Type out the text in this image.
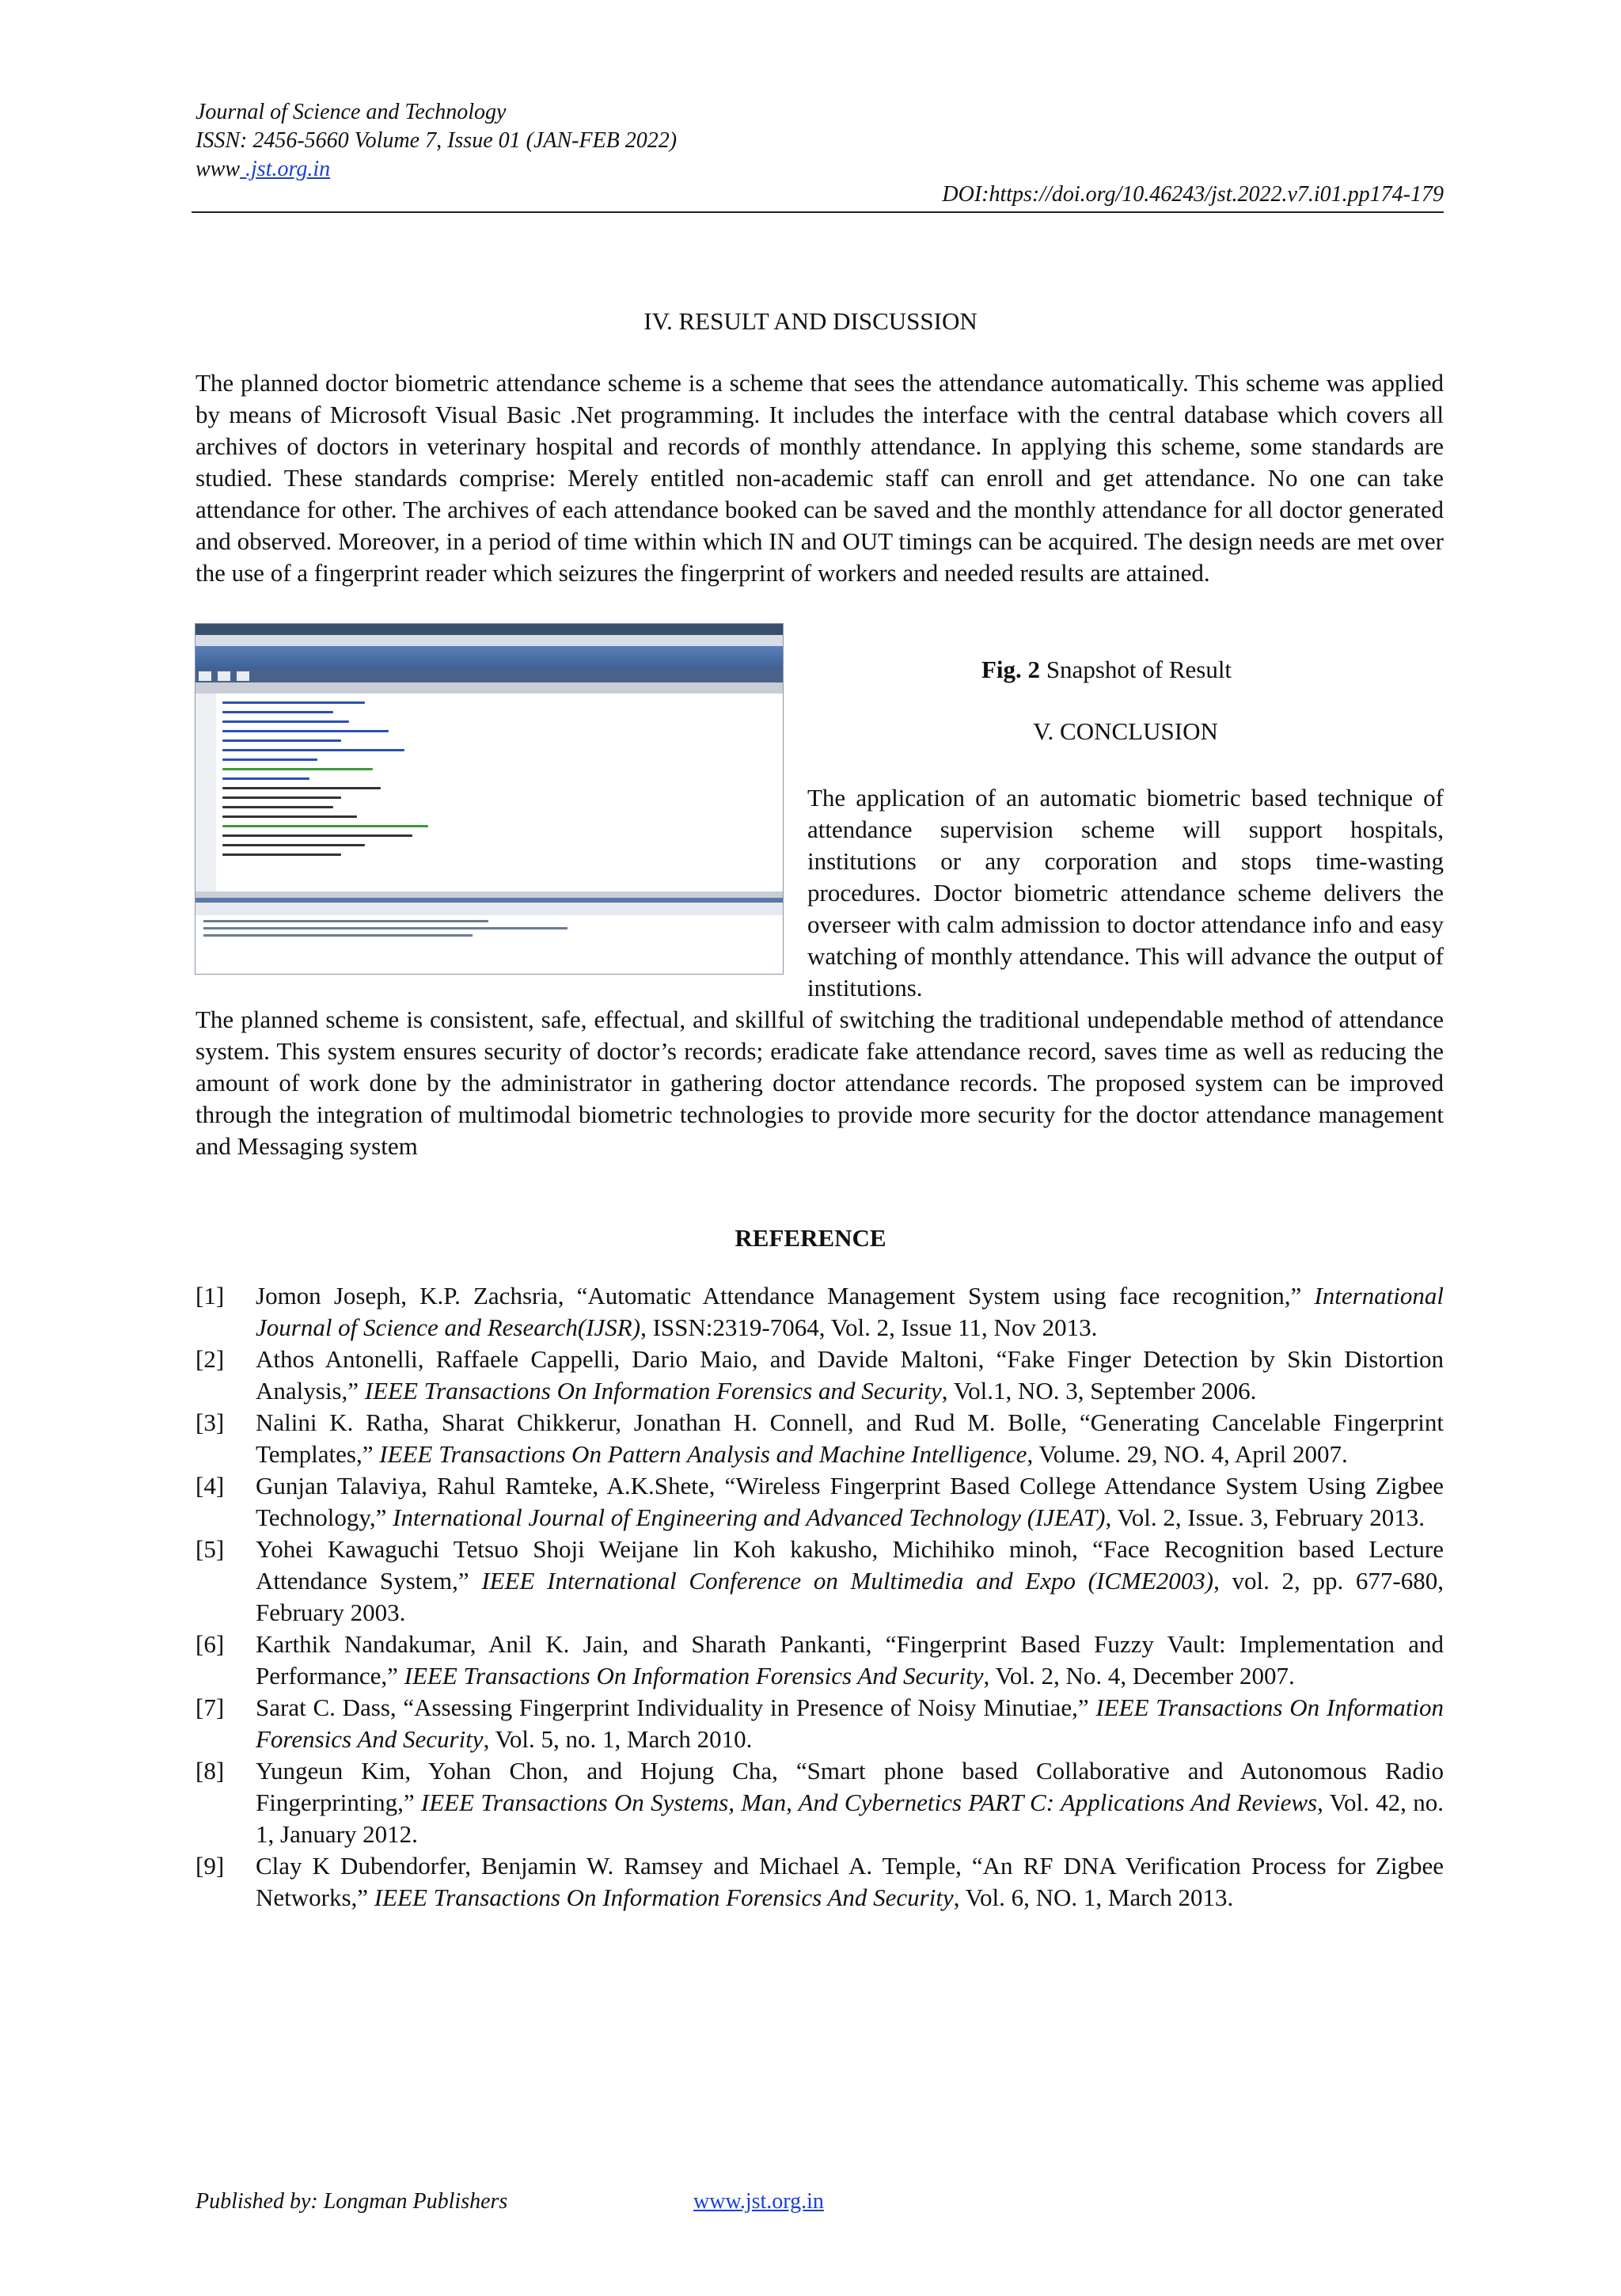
Journal of Science and Technology
ISSN: 2456-5660 Volume 7, Issue 01 (JAN-FEB 2022)
www .jst.org.in
DOI:https://doi.org/10.46243/jst.2022.v7.i01.pp174-179
IV. RESULT AND DISCUSSION

The planned doctor biometric attendance scheme is a scheme that sees the attendance automatically. This scheme was applied by means of Microsoft Visual Basic .Net programming. It includes the interface with the central database which covers all archives of doctors in veterinary hospital and records of monthly attendance. In applying this scheme, some standards are studied. These standards comprise: Merely entitled non-academic staff can enroll and get attendance. No one can take attendance for other. The archives of each attendance booked can be saved and the monthly attendance for all doctor generated and observed. Moreover, in a period of time within which IN and OUT timings can be acquired. The design needs are met over the use of a fingerprint reader which seizures the fingerprint of workers and needed results are attained.

Fig. 2 Snapshot of Result
V. CONCLUSION
The application of an automatic biometric based technique of attendance supervision scheme will support hospitals, institutions or any corporation and stops time-wasting procedures. Doctor biometric attendance scheme delivers the overseer with calm admission to doctor attendance info and easy watching of monthly attendance. This will advance the output of institutions.

The planned scheme is consistent, safe, effectual, and skillful of switching the traditional undependable method of attendance system. This system ensures security of doctor’s records; eradicate fake attendance record, saves time as well as reducing the amount of work done by the administrator in gathering doctor attendance records. The proposed system can be improved through the integration of multimodal biometric technologies to provide more security for the doctor attendance management and Messaging system

REFERENCE
[1] Jomon Joseph, K.P. Zachsria, “Automatic Attendance Management System using face recognition,” International Journal of Science and Research(IJSR), ISSN:2319-7064, Vol. 2, Issue 11, Nov 2013.
[2] Athos Antonelli, Raffaele Cappelli, Dario Maio, and Davide Maltoni, “Fake Finger Detection by Skin Distortion Analysis,” IEEE Transactions On Information Forensics and Security, Vol.1, NO. 3, September 2006.
[3] Nalini K. Ratha, Sharat Chikkerur, Jonathan H. Connell, and Rud M. Bolle, “Generating Cancelable Fingerprint Templates,” IEEE Transactions On Pattern Analysis and Machine Intelligence, Volume. 29, NO. 4, April 2007.
[4] Gunjan Talaviya, Rahul Ramteke, A.K.Shete, “Wireless Fingerprint Based College Attendance System Using Zigbee Technology,” International Journal of Engineering and Advanced Technology (IJEAT), Vol. 2, Issue. 3, February 2013.
[5] Yohei Kawaguchi Tetsuo Shoji Weijane lin Koh kakusho, Michihiko minoh, “Face Recognition based Lecture Attendance System,” IEEE International Conference on Multimedia and Expo (ICME2003), vol. 2, pp. 677-680, February 2003.
[6] Karthik Nandakumar, Anil K. Jain, and Sharath Pankanti, “Fingerprint Based Fuzzy Vault: Implementation and Performance,” IEEE Transactions On Information Forensics And Security, Vol. 2, No. 4, December 2007.
[7] Sarat C. Dass, “Assessing Fingerprint Individuality in Presence of Noisy Minutiae,” IEEE Transactions On Information Forensics And Security, Vol. 5, no. 1, March 2010.
[8] Yungeun Kim, Yohan Chon, and Hojung Cha, “Smart phone based Collaborative and Autonomous Radio Fingerprinting,” IEEE Transactions On Systems, Man, And Cybernetics PART C: Applications And Reviews, Vol. 42, no. 1, January 2012.
[9] Clay K Dubendorfer, Benjamin W. Ramsey and Michael A. Temple, “An RF DNA Verification Process for Zigbee Networks,” IEEE Transactions On Information Forensics And Security, Vol. 6, NO. 1, March 2013.
Published by: Longman Publishers	www.jst.org.in
